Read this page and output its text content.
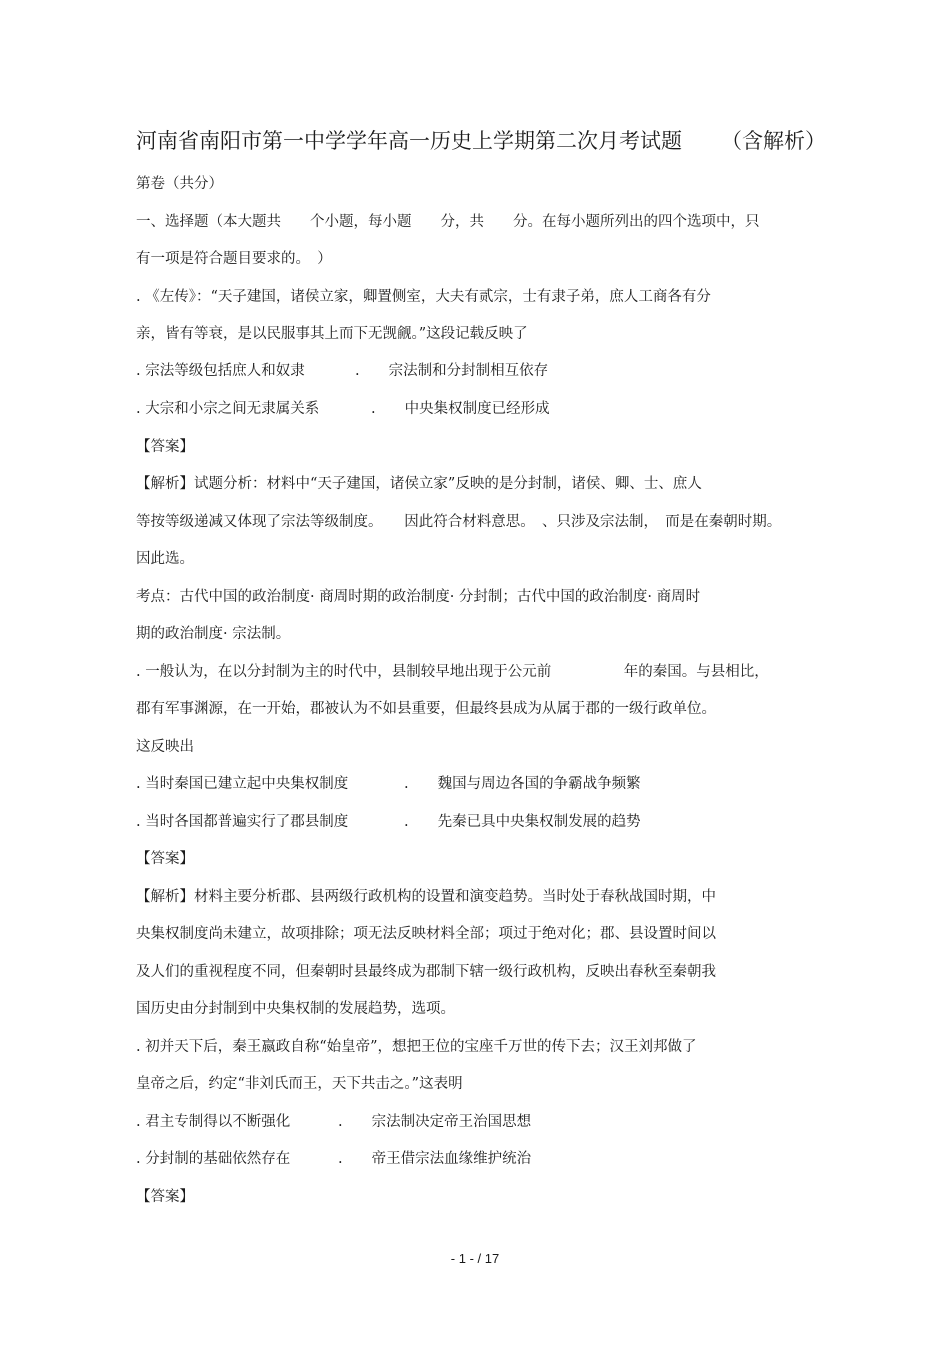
河南省南阳市第一中学学年高一历史上学期第二次月考试题 （含解析）
第卷（共分）
一、选择题（本大题共　　个小题，每小题　　分，共　　分。在每小题所列出的四个选项中，只
有一项是符合题目要求的。　）
. 《左传》：“天子建国，诸侯立家，卿置侧室，大夫有贰宗，士有隶子弟，庶人工商各有分
亲，皆有等衰，是以民服事其上而下无觊觎。”这段记载反映了
. 宗法等级包括庶人和奴隶	.　　宗法制和分封制相互依存
. 大宗和小宗之间无隶属关系	.　　中央集权制度已经形成
【答案】
【解析】试题分析：材料中“天子建国，诸侯立家”反映的是分封制，诸侯、卿、士、庶人
等按等级递减又体现了宗法等级制度。　　因此符合材料意思。　、只涉及宗法制，　而是在秦朝时期。
因此选。
考点：古代中国的政治制度· 商周时期的政治制度· 分封制；古代中国的政治制度· 商周时
期的政治制度· 宗法制。
. 一般认为，在以分封制为主的时代中，县制较早地出现于公元前　　　　　年的秦国。与县相比，
郡有军事渊源，在一开始，郡被认为不如县重要，但最终县成为从属于郡的一级行政单位。
这反映出
. 当时秦国已建立起中央集权制度	.　　魏国与周边各国的争霸战争频繁
. 当时各国都普遍实行了郡县制度	.　　先秦已具中央集权制发展的趋势
【答案】
【解析】材料主要分析郡、县两级行政机构的设置和演变趋势。当时处于春秋战国时期，中
央集权制度尚未建立，故项排除；项无法反映材料全部；项过于绝对化；郡、县设置时间以
及人们的重视程度不同，但秦朝时县最终成为郡制下辖一级行政机构，反映出春秋至秦朝我
国历史由分封制到中央集权制的发展趋势，选项。
. 初并天下后，秦王嬴政自称“始皇帝”，想把王位的宝座千万世的传下去；汉王刘邦做了
皇帝之后，约定“非刘氏而王，天下共击之。”这表明
. 君主专制得以不断强化	.　　宗法制决定帝王治国思想
. 分封制的基础依然存在	.　　帝王借宗法血缘维护统治
【答案】
- 1 - / 17
